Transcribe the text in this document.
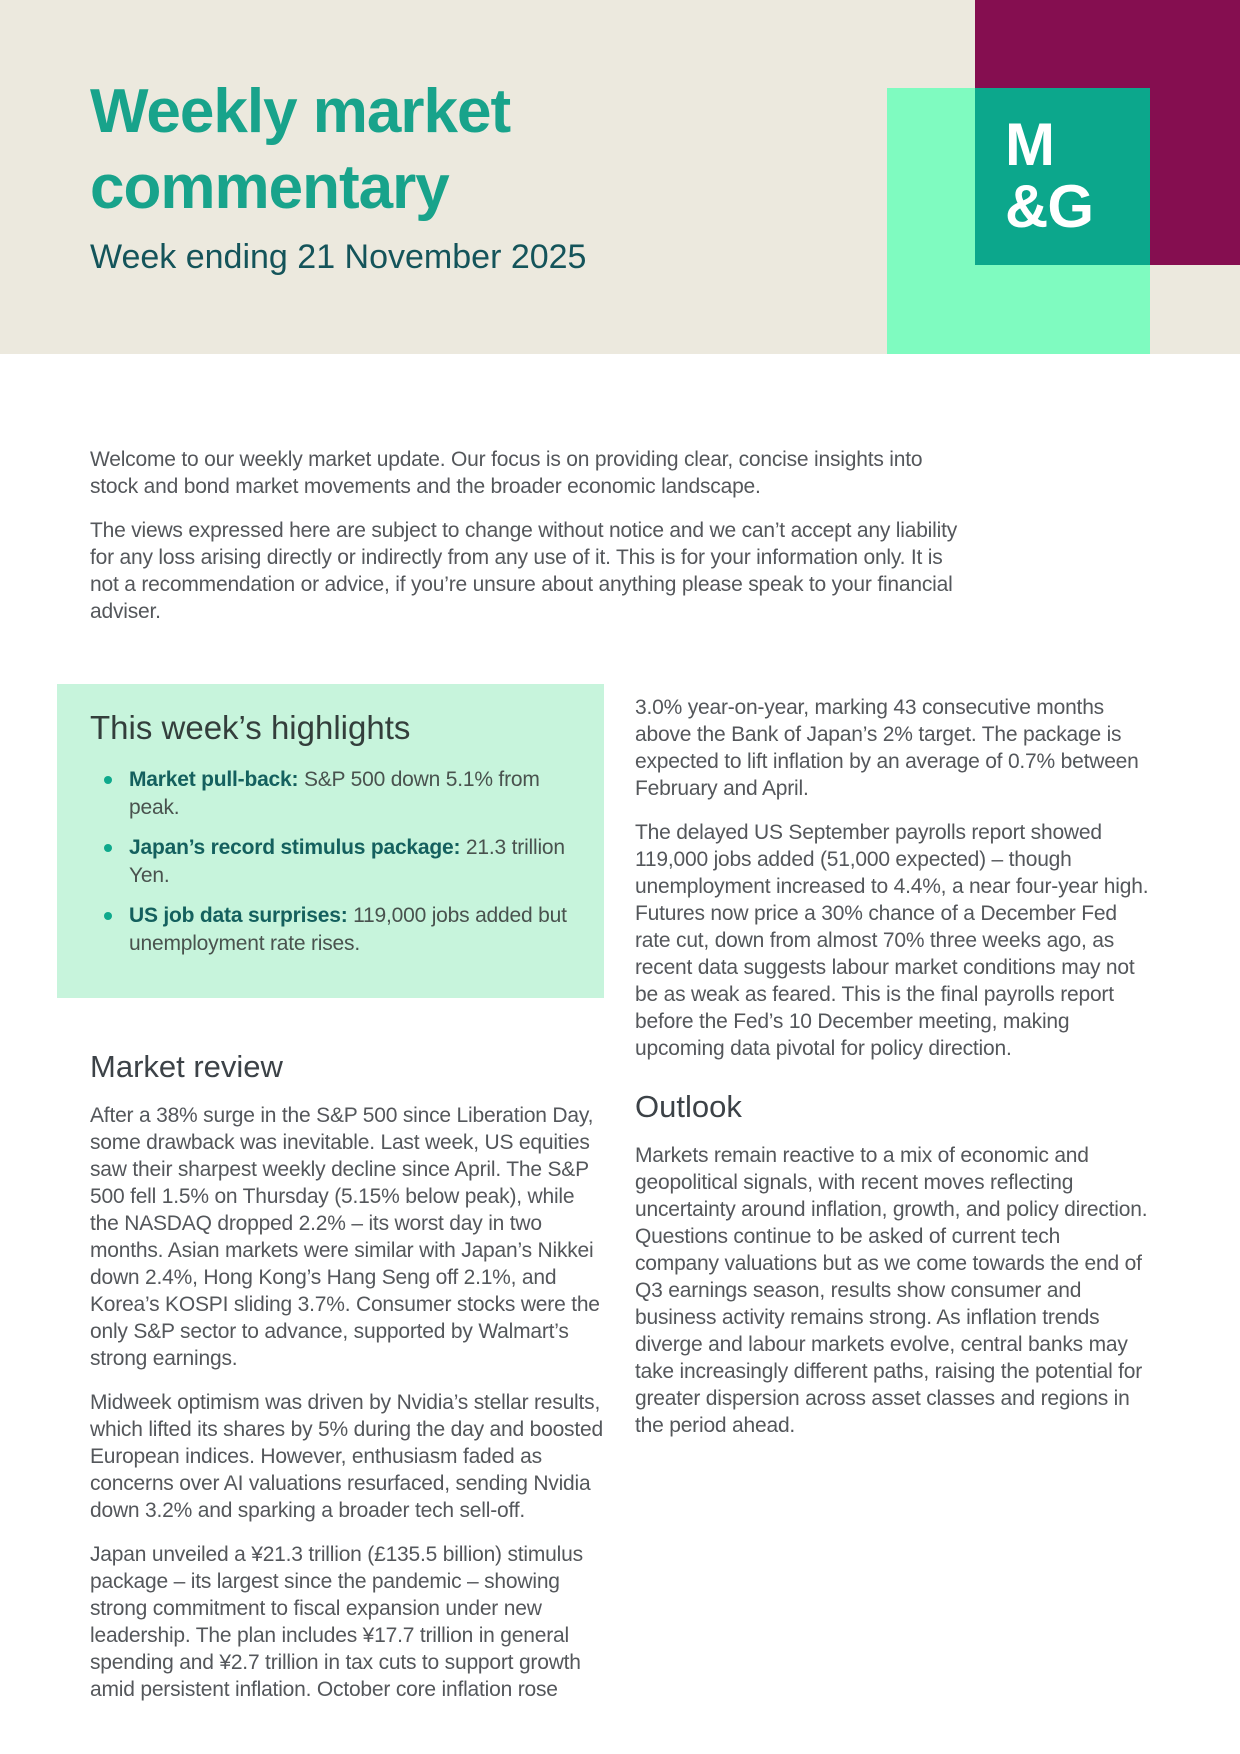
Weekly market
commentary

Week ending 21 November 2025

M
&G

Welcome to our weekly market update. Our focus is on providing clear, concise insights into stock and bond market movements and the broader economic landscape.

The views expressed here are subject to change without notice and we can’t accept any liability for any loss arising directly or indirectly from any use of it. This is for your information only. It is not a recommendation or advice, if you’re unsure about anything please speak to your financial adviser.

This week’s highlights
Market pull-back: S&P 500 down 5.1% from peak.
Japan’s record stimulus package: 21.3 trillion Yen.
US job data surprises: 119,000 jobs added but unemployment rate rises.
Market review

After a 38% surge in the S&P 500 since Liberation Day, some drawback was inevitable. Last week, US equities saw their sharpest weekly decline since April. The S&P 500 fell 1.5% on Thursday (5.15% below peak), while the NASDAQ dropped 2.2% – its worst day in two months. Asian markets were similar with Japan’s Nikkei down 2.4%, Hong Kong’s Hang Seng off 2.1%, and Korea’s KOSPI sliding 3.7%. Consumer stocks were the only S&P sector to advance, supported by Walmart’s strong earnings.

Midweek optimism was driven by Nvidia’s stellar results, which lifted its shares by 5% during the day and boosted European indices. However, enthusiasm faded as concerns over AI valuations resurfaced, sending Nvidia down 3.2% and sparking a broader tech sell-off.

Japan unveiled a ¥21.3 trillion (£135.5 billion) stimulus package – its largest since the pandemic – showing strong commitment to fiscal expansion under new leadership. The plan includes ¥17.7 trillion in general spending and ¥2.7 trillion in tax cuts to support growth amid persistent inflation. October core inflation rose

3.0% year-on-year, marking 43 consecutive months above the Bank of Japan’s 2% target. The package is expected to lift inflation by an average of 0.7% between February and April.

The delayed US September payrolls report showed 119,000 jobs added (51,000 expected) – though unemployment increased to 4.4%, a near four-year high. Futures now price a 30% chance of a December Fed rate cut, down from almost 70% three weeks ago, as recent data suggests labour market conditions may not be as weak as feared. This is the final payrolls report before the Fed’s 10 December meeting, making upcoming data pivotal for policy direction.

Outlook

Markets remain reactive to a mix of economic and geopolitical signals, with recent moves reflecting uncertainty around inflation, growth, and policy direction. Questions continue to be asked of current tech company valuations but as we come towards the end of Q3 earnings season, results show consumer and business activity remains strong. As inflation trends diverge and labour markets evolve, central banks may take increasingly different paths, raising the potential for greater dispersion across asset classes and regions in the period ahead.
